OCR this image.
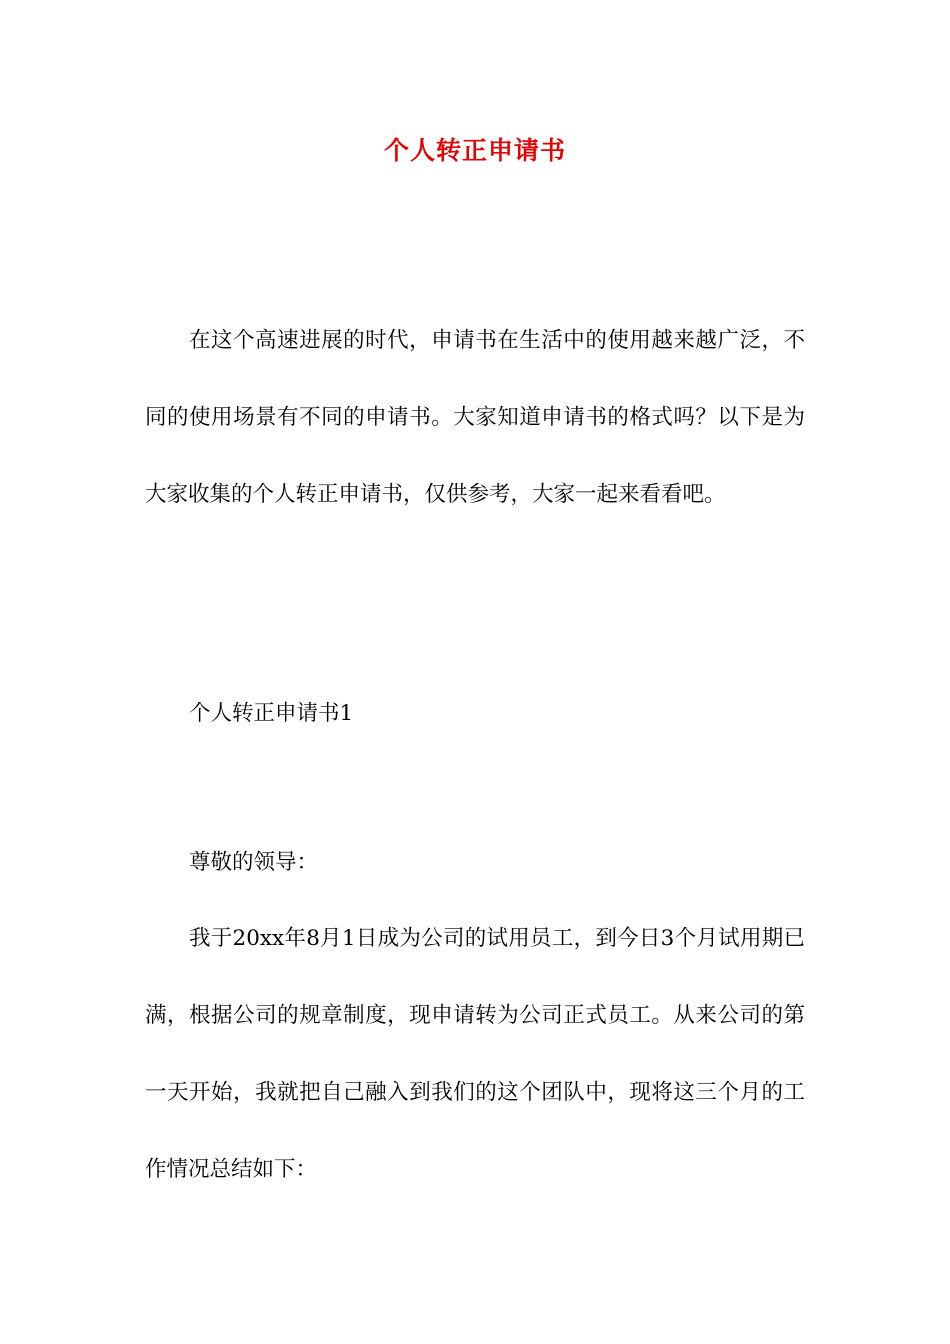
个人转正申请书

在这个高速进展的时代，申请书在生活中的使用越来越广泛，不同的使用场景有不同的申请书。大家知道申请书的格式吗？以下是为大家收集的个人转正申请书，仅供参考，大家一起来看看吧。

个人转正申请书1

尊敬的领导：

我于20xx年8月1日成为公司的试用员工，到今日3个月试用期已满，根据公司的规章制度，现申请转为公司正式员工。从来公司的第一天开始，我就把自己融入到我们的这个团队中，现将这三个月的工作情况总结如下：
